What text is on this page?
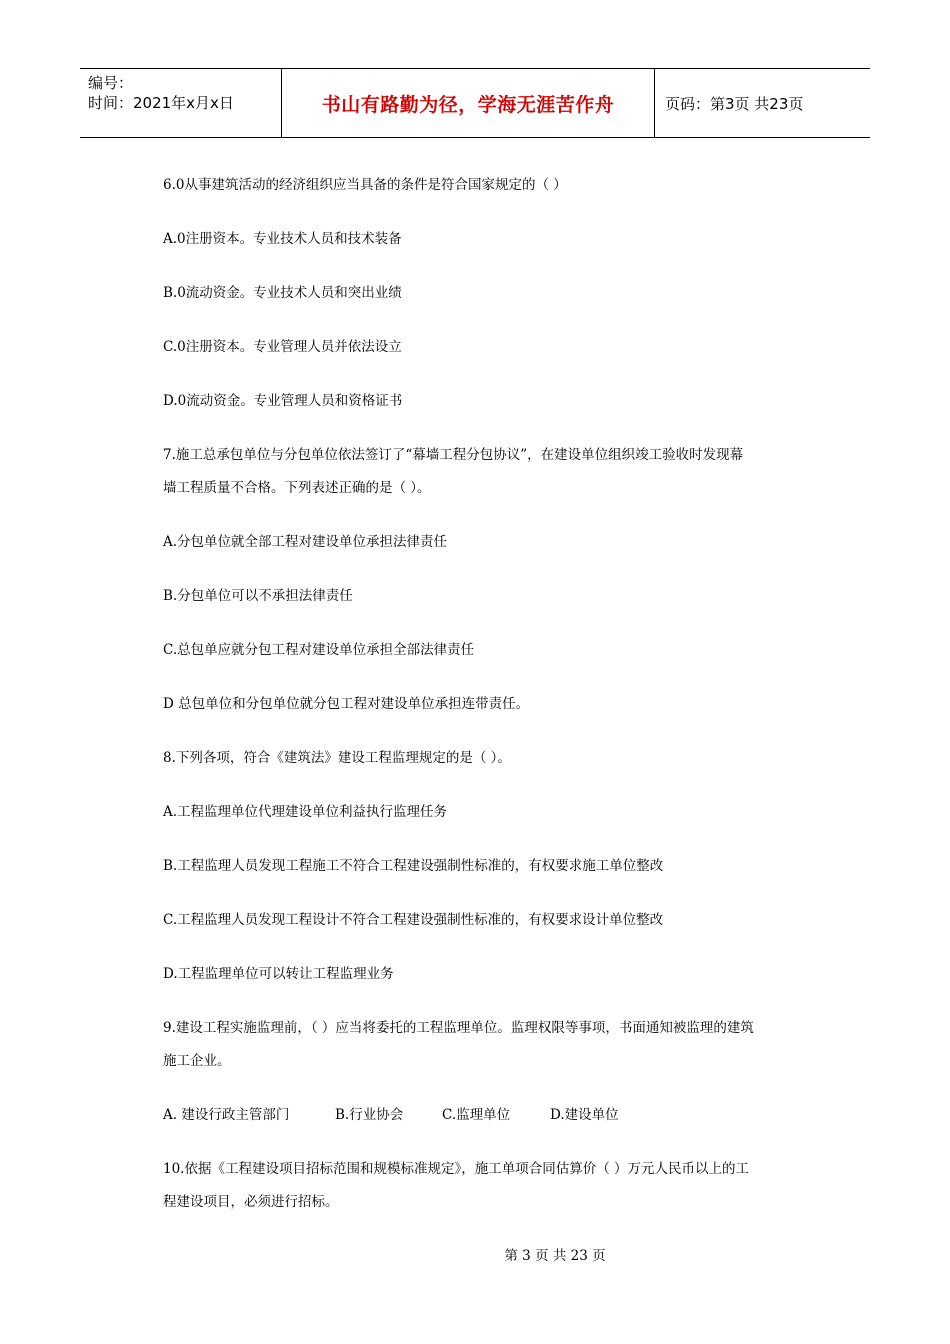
编号：
时间：2021年x月x日	书山有路勤为径，学海无涯苦作舟	页码：第3页 共23页
6.0从事建筑活动的经济组织应当具备的条件是符合国家规定的（ ）
A.0注册资本。专业技术人员和技术装备
B.0流动资金。专业技术人员和突出业绩
C.0注册资本。专业管理人员并依法设立
D.0流动资金。专业管理人员和资格证书
7.施工总承包单位与分包单位依法签订了“幕墙工程分包协议”，在建设单位组织竣工验收时发现幕
墙工程质量不合格。下列表述正确的是（ ）。
A.分包单位就全部工程对建设单位承担法律责任
B.分包单位可以不承担法律责任
C.总包单应就分包工程对建设单位承担全部法律责任
D 总包单位和分包单位就分包工程对建设单位承担连带责任。
8.下列各项，符合《建筑法》建设工程监理规定的是（ ）。
A.工程监理单位代理建设单位利益执行监理任务
B.工程监理人员发现工程施工不符合工程建设强制性标准的，有权要求施工单位整改
C.工程监理人员发现工程设计不符合工程建设强制性标准的，有权要求设计单位整改
D.工程监理单位可以转让工程监理业务
9.建设工程实施监理前，（ ）应当将委托的工程监理单位。监理权限等事项，书面通知被监理的建筑
施工企业。
A. 建设行政主管部门	B.行业协会	C.监理单位	D.建设单位
10.依据《工程建设项目招标范围和规模标准规定》，施工单项合同估算价（ ）万元人民币以上的工
程建设项目，必须进行招标。
第 3 页 共 23 页
